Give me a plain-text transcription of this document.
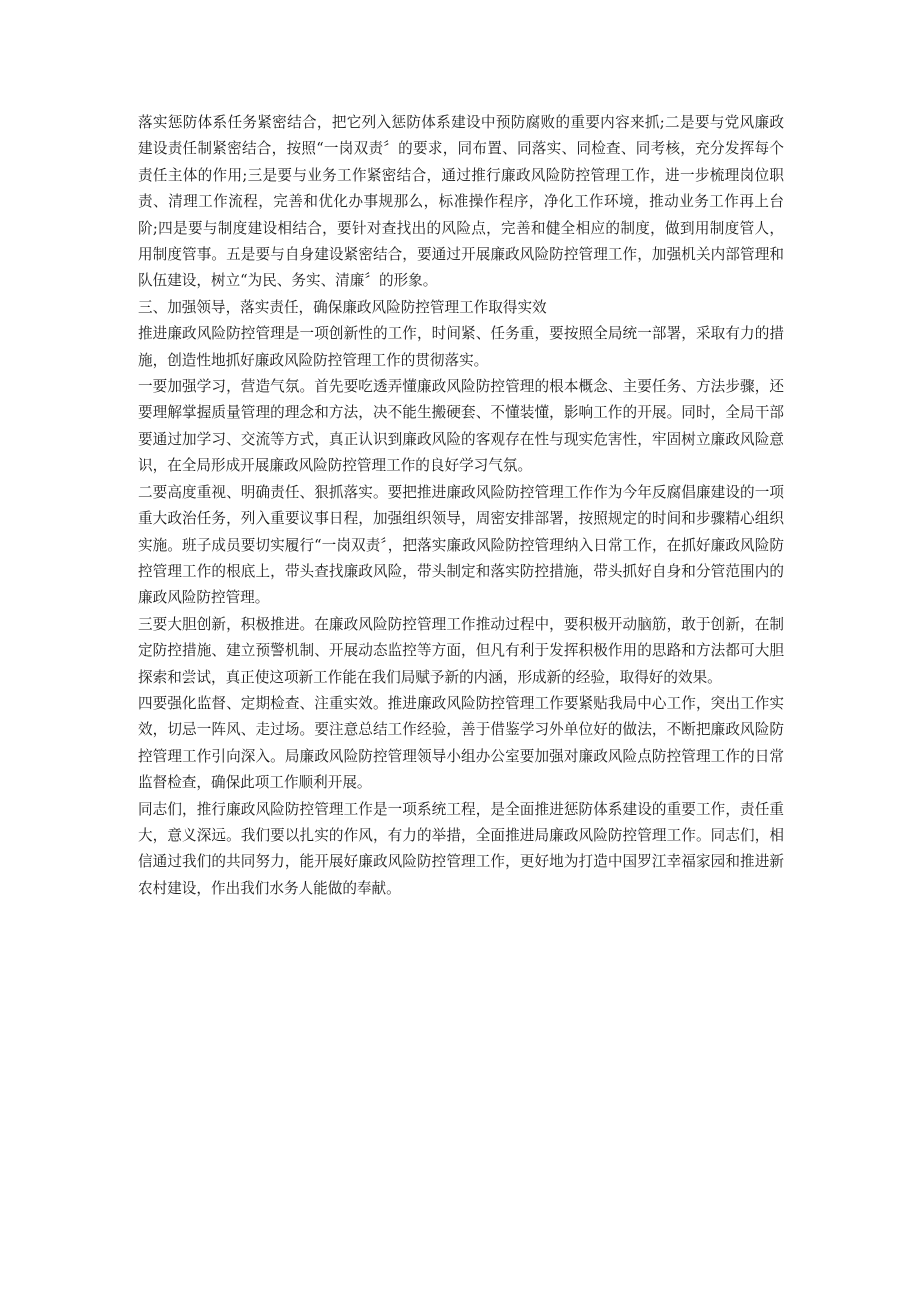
落实惩防体系任务紧密结合，把它列入惩防体系建设中预防腐败的重要内容来抓;二是要与党风廉政建设责任制紧密结合，按照“一岗双责〞的要求，同布置、同落实、同检查、同考核，充分发挥每个责任主体的作用;三是要与业务工作紧密结合，通过推行廉政风险防控管理工作，进一步梳理岗位职责、清理工作流程，完善和优化办事规那么，标准操作程序，净化工作环境，推动业务工作再上台阶;四是要与制度建设相结合，要针对查找出的风险点，完善和健全相应的制度，做到用制度管人，用制度管事。五是要与自身建设紧密结合，要通过开展廉政风险防控管理工作，加强机关内部管理和队伍建设，树立“为民、务实、清廉〞的形象。

三、加强领导，落实责任，确保廉政风险防控管理工作取得实效

推进廉政风险防控管理是一项创新性的工作，时间紧、任务重，要按照全局统一部署，采取有力的措施，创造性地抓好廉政风险防控管理工作的贯彻落实。

一要加强学习，营造气氛。首先要吃透弄懂廉政风险防控管理的根本概念、主要任务、方法步骤，还要理解掌握质量管理的理念和方法，决不能生搬硬套、不懂装懂，影响工作的开展。同时，全局干部要通过加学习、交流等方式，真正认识到廉政风险的客观存在性与现实危害性，牢固树立廉政风险意识，在全局形成开展廉政风险防控管理工作的良好学习气氛。

二要高度重视、明确责任、狠抓落实。要把推进廉政风险防控管理工作作为今年反腐倡廉建设的一项重大政治任务，列入重要议事日程，加强组织领导，周密安排部署，按照规定的时间和步骤精心组织实施。班子成员要切实履行“一岗双责〞，把落实廉政风险防控管理纳入日常工作，在抓好廉政风险防控管理工作的根底上，带头查找廉政风险，带头制定和落实防控措施，带头抓好自身和分管范围内的廉政风险防控管理。

三要大胆创新，积极推进。在廉政风险防控管理工作推动过程中，要积极开动脑筋，敢于创新，在制定防控措施、建立预警机制、开展动态监控等方面，但凡有利于发挥积极作用的思路和方法都可大胆探索和尝试，真正使这项新工作能在我们局赋予新的内涵，形成新的经验，取得好的效果。

四要强化监督、定期检查、注重实效。推进廉政风险防控管理工作要紧贴我局中心工作，突出工作实效，切忌一阵风、走过场。要注意总结工作经验，善于借鉴学习外单位好的做法，不断把廉政风险防控管理工作引向深入。局廉政风险防控管理领导小组办公室要加强对廉政风险点防控管理工作的日常监督检查，确保此项工作顺利开展。

同志们，推行廉政风险防控管理工作是一项系统工程，是全面推进惩防体系建设的重要工作，责任重大，意义深远。我们要以扎实的作风，有力的举措，全面推进局廉政风险防控管理工作。同志们，相信通过我们的共同努力，能开展好廉政风险防控管理工作，更好地为打造中国罗江幸福家园和推进新农村建设，作出我们水务人能做的奉献。
